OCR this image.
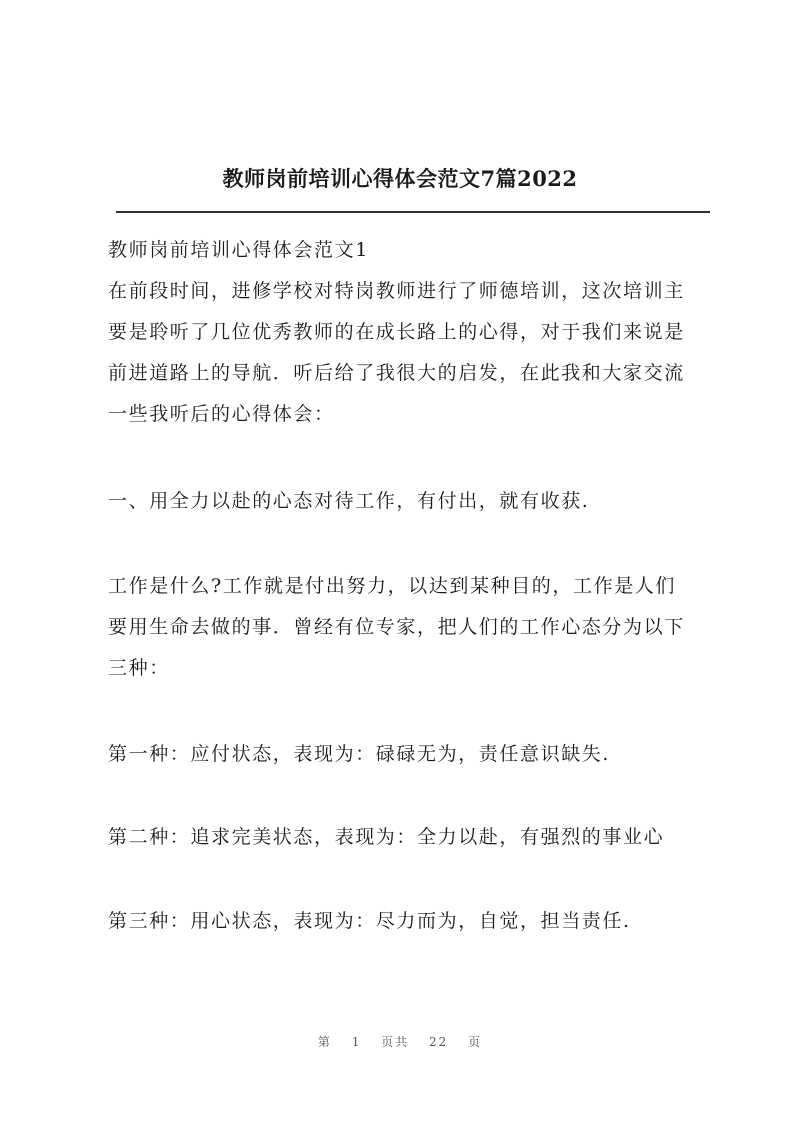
教师岗前培训心得体会范文7篇2022
教师岗前培训心得体会范文1
在前段时间，进修学校对特岗教师进行了师德培训，这次培训主
要是聆听了几位优秀教师的在成长路上的心得，对于我们来说是
前进道路上的导航．听后给了我很大的启发，在此我和大家交流
一些我听后的心得体会：
一、用全力以赴的心态对待工作，有付出，就有收获.
工作是什么?工作就是付出努力，以达到某种目的，工作是人们
要用生命去做的事．曾经有位专家，把人们的工作心态分为以下
三种：
第一种：应付状态，表现为：碌碌无为，责任意识缺失.
第二种：追求完美状态，表现为：全力以赴，有强烈的事业心
第三种：用心状态，表现为：尽力而为，自觉，担当责任.
第 1 页共 22 页
